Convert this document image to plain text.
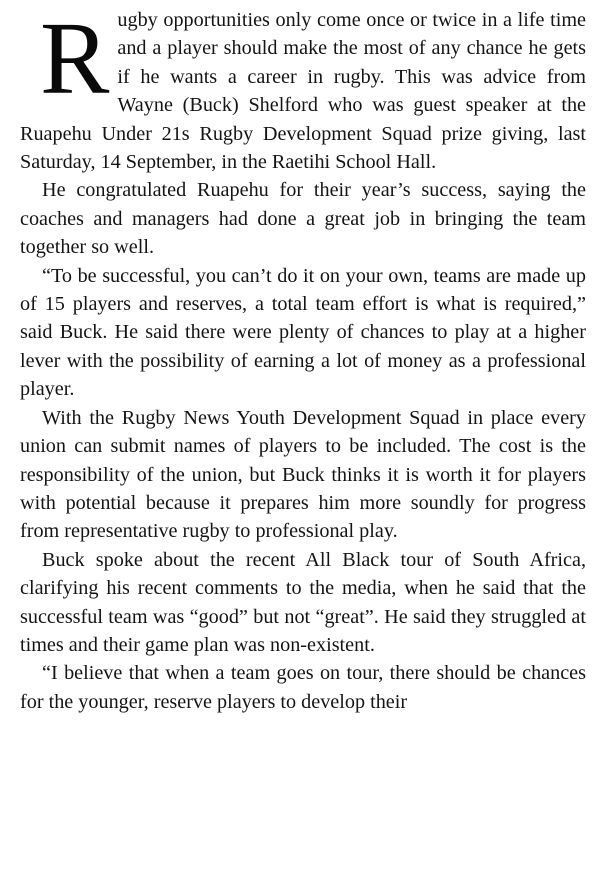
Rugby opportunities only come once or twice in a life time and a player should make the most of any chance he gets if he wants a career in rugby. This was advice from Wayne (Buck) Shelford who was guest speaker at the Ruapehu Under 21s Rugby Development Squad prize giving, last Saturday, 14 September, in the Raetihi School Hall.

He congratulated Ruapehu for their year’s success, saying the coaches and managers had done a great job in bringing the team together so well.

“To be successful, you can’t do it on your own, teams are made up of 15 players and reserves, a total team effort is what is required,” said Buck. He said there were plenty of chances to play at a higher lever with the possibility of earning a lot of money as a professional player.

With the Rugby News Youth Development Squad in place every union can submit names of players to be included. The cost is the responsibility of the union, but Buck thinks it is worth it for players with potential because it prepares him more soundly for progress from representative rugby to professional play.

Buck spoke about the recent All Black tour of South Africa, clarifying his recent comments to the media, when he said that the successful team was “good” but not “great”. He said they struggled at times and their game plan was non-existent.

“I believe that when a team goes on tour, there should be chances for the younger, reserve players to develop their
